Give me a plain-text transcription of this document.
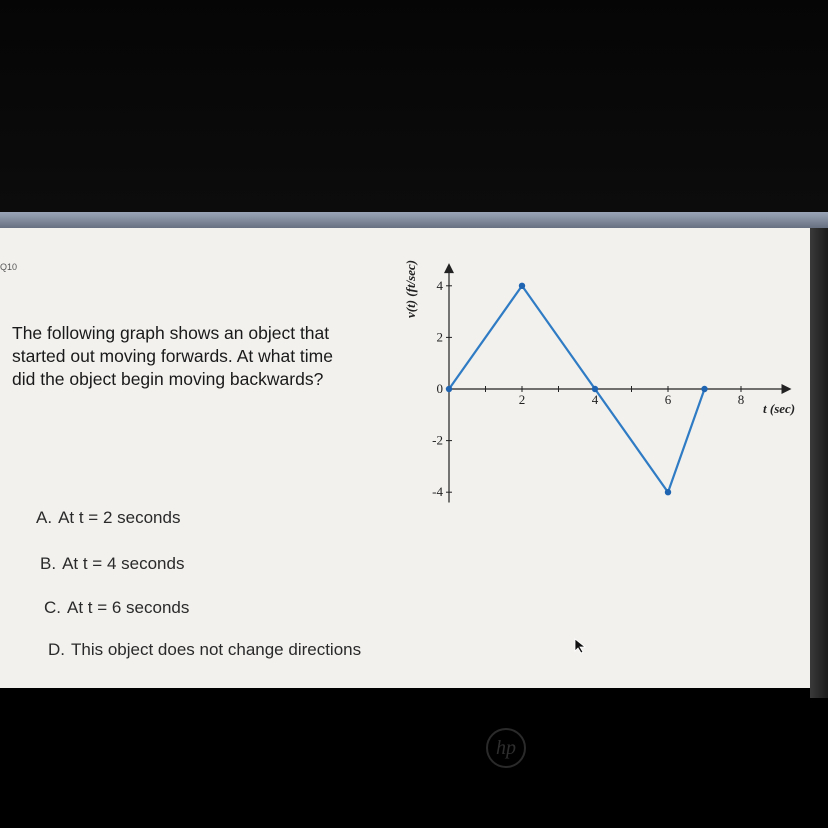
Q10

The following graph shows an object that started out moving forwards. At what time did the object begin moving backwards?

A. At t = 2 seconds
B. At t = 4 seconds
C. At t = 6 seconds
D. This object does not change directions
2	4	6	8
4
2
0
-2
-4
t (sec)
v(t) (ft/sec)
hp
